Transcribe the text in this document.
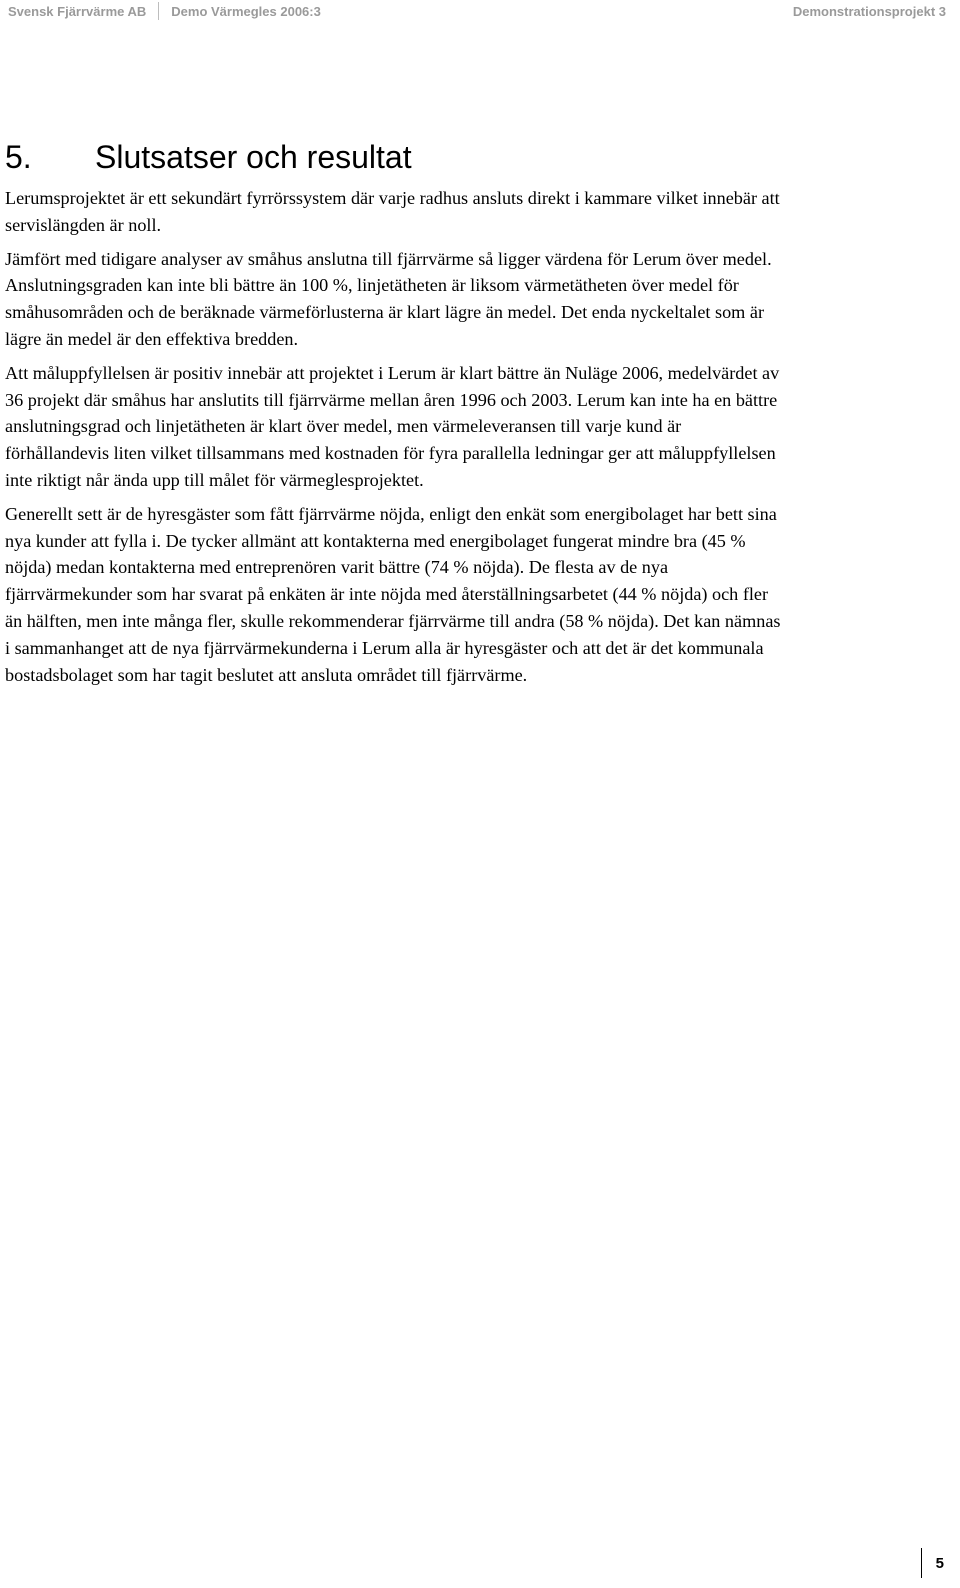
Svensk Fjärrvärme AB	Demo Värmegles 2006:3	Demonstrationsprojekt 3
5. Slutsatser och resultat

Lerumsprojektet är ett sekundärt fyrrörssystem där varje radhus ansluts direkt i kammare vilket innebär att servislängden är noll.

Jämfört med tidigare analyser av småhus anslutna till fjärrvärme så ligger värdena för Lerum över medel. Anslutningsgraden kan inte bli bättre än 100 %, linjetätheten är liksom värmetätheten över medel för småhusområden och de beräknade värmeförlusterna är klart lägre än medel. Det enda nyckeltalet som är lägre än medel är den effektiva bredden.

Att måluppfyllelsen är positiv innebär att projektet i Lerum är klart bättre än Nuläge 2006, medelvärdet av 36 projekt där småhus har anslutits till fjärrvärme mellan åren 1996 och 2003. Lerum kan inte ha en bättre anslutningsgrad och linjetätheten är klart över medel, men värmeleveransen till varje kund är förhållandevis liten vilket tillsammans med kostnaden för fyra parallella ledningar ger att måluppfyllelsen inte riktigt når ända upp till målet för värmeglesprojektet.

Generellt sett är de hyresgäster som fått fjärrvärme nöjda, enligt den enkät som energibolaget har bett sina nya kunder att fylla i. De tycker allmänt att kontakterna med energibolaget fungerat mindre bra (45 % nöjda) medan kontakterna med entreprenören varit bättre (74 % nöjda). De flesta av de nya fjärrvärmekunder som har svarat på enkäten är inte nöjda med återställningsarbetet (44 % nöjda) och fler än hälften, men inte många fler, skulle rekommenderar fjärrvärme till andra (58 % nöjda). Det kan nämnas i sammanhanget att de nya fjärrvärmekunderna i Lerum alla är hyresgäster och att det är det kommunala bostadsbolaget som har tagit beslutet att ansluta området till fjärrvärme.

5
